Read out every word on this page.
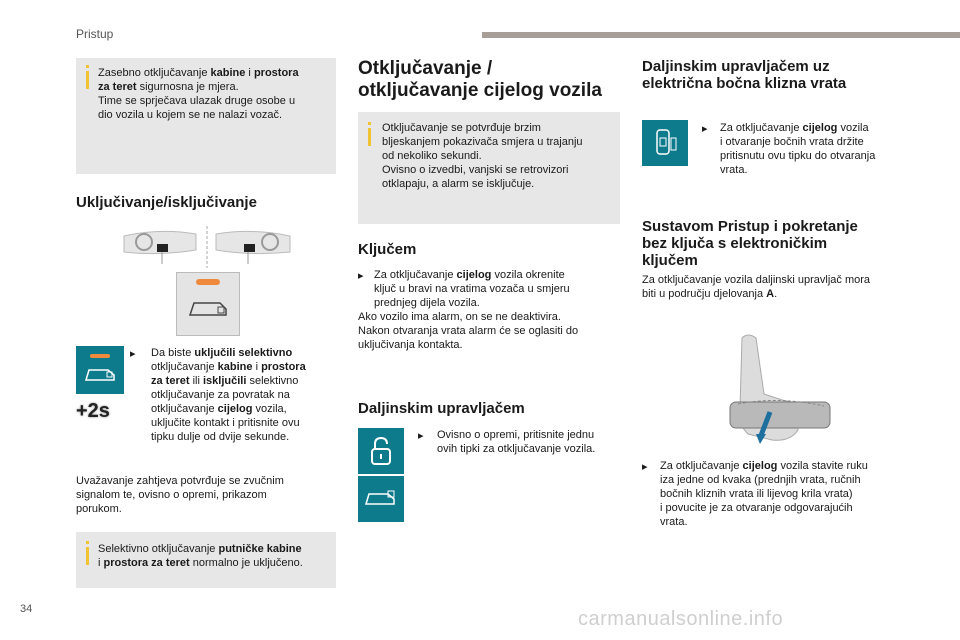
Pristup
Zasebno otključavanje kabine i prostora
za teret sigurnosna je mjera.
Time se sprječava ulazak druge osobe u
dio vozila u kojem se ne nalazi vozač.
Uključivanje/isključivanje
+2s
▸ Da biste uključili selektivno
otključavanje kabine i prostora
za teret ili isključili selektivno
otključavanje za povratak na
otključavanje cijelog vozila,
uključite kontakt i pritisnite ovu
tipku dulje od dvije sekunde.
Uvažavanje zahtjeva potvrđuje se zvučnim
signalom te, ovisno o opremi, prikazom
porukom.
Selektivno otključavanje putničke kabine
i prostora za teret normalno je uključeno.
Otključavanje /
otključavanje cijelog vozila
Otključavanje se potvrđuje brzim
bljeskanjem pokazivača smjera u trajanju
od nekoliko sekundi.
Ovisno o izvedbi, vanjski se retrovizori
otklapaju, a alarm se isključuje.
Ključem
▸ Za otključavanje cijelog vozila okrenite
ključ u bravi na vratima vozača u smjeru
prednjeg dijela vozila.
Ako vozilo ima alarm, on se ne deaktivira.
Nakon otvaranja vrata alarm će se oglasiti do
uključivanja kontakta.
Daljinskim upravljačem
▸ Ovisno o opremi, pritisnite jednu
ovih tipki za otključavanje vozila.
Daljinskim upravljačem uz
električna bočna klizna vrata
▸ Za otključavanje cijelog vozila
i otvaranje bočnih vrata držite
pritisnutu ovu tipku do otvaranja
vrata.
Sustavom Pristup i pokretanje
bez ključa s elektroničkim
ključem
Za otključavanje vozila daljinski upravljač mora
biti u području djelovanja A.
▸ Za otključavanje cijelog vozila stavite ruku
iza jedne od kvaka (prednjih vrata, ručnih
bočnih kliznih vrata ili lijevog krila vrata)
i povucite je za otvaranje odgovarajućih
vrata.
34	carmanualsonline.info
